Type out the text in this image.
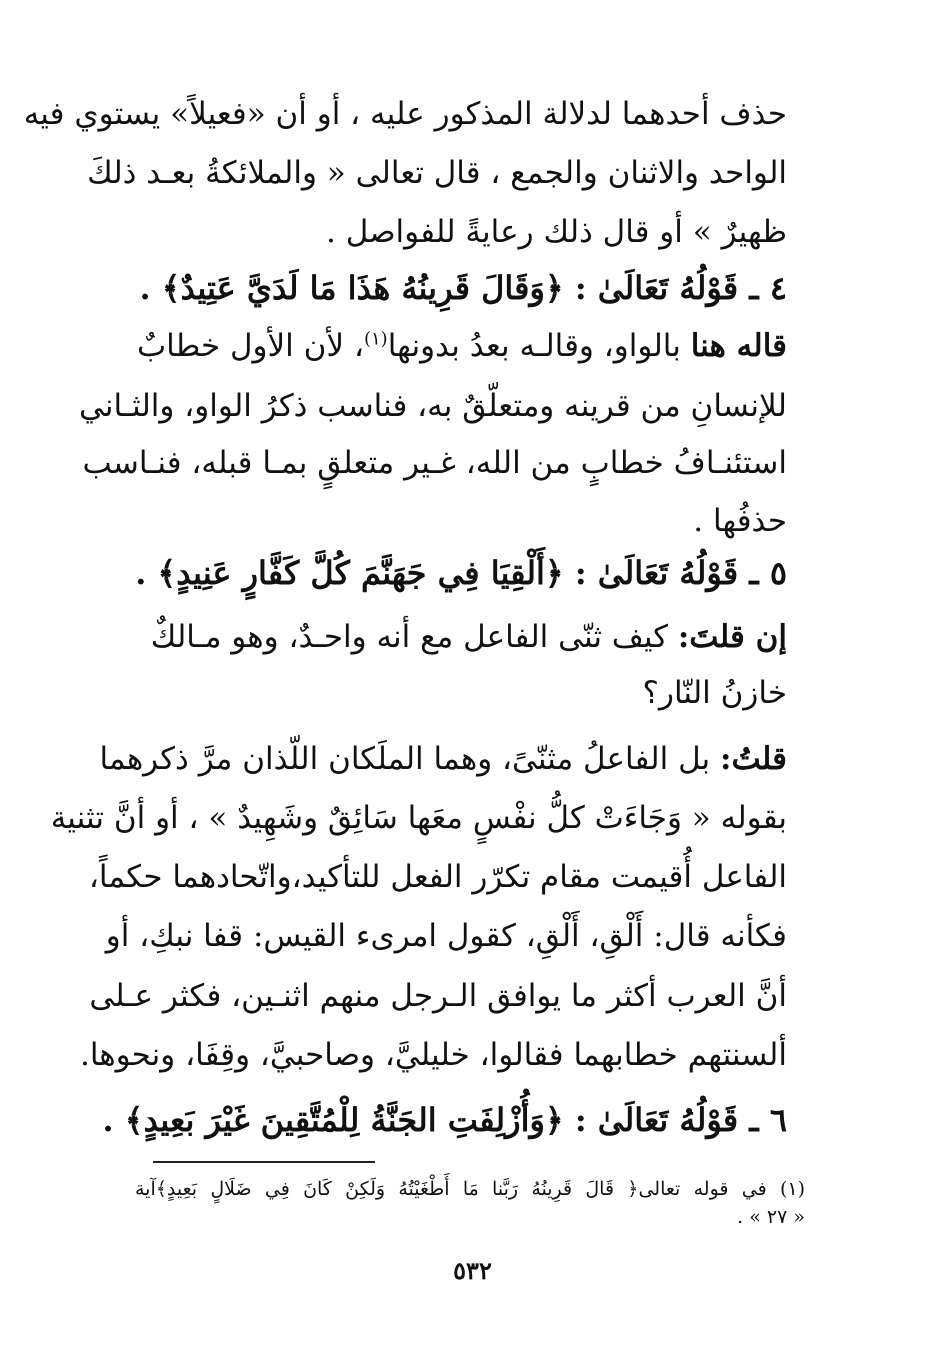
حذف أحدهما لدلالة المذكور عليه ، أو أن «فعيلاً» يستوي فيه
الواحد والاثنان والجمع ، قال تعالى « والملائكةُ بعـد ذلكَ
ظهيرٌ » أو قال ذلك رعايةً للفواصل .
٤ ـ قَوْلُهُ تَعَالَىٰ : ﴿وَقَالَ قَرِينُهُ هَذَا مَا لَدَيَّ عَتِيدٌ﴾ .
قاله هنا بالواو، وقالـه بعدُ بدونها$^{(١)}$، لأن الأول خطابٌ
للإنسانِ من قرينه ومتعلّقٌ به، فناسب ذكرُ الواو، والثـاني
استئنـافُ خطابٍ من الله، غـير متعلقٍ بمـا قبله، فنـاسب
حذفُها .
٥ ـ قَوْلُهُ تَعَالَىٰ : ﴿أَلْقِيَا فِي جَهَنَّمَ كُلَّ كَفَّارٍ عَنِيدٍ﴾ .
إن قلتَ: كيف ثنّى الفاعل مع أنه واحـدٌ، وهو مـالكٌ
خازنُ النّار؟
قلتُ: بل الفاعلُ مثنّىً، وهما الملَكان اللّذان مرَّ ذكرهما
بقوله « وَجَاءَتْ كلُّ نفْسٍ معَها سَائِقٌ وشَهِيدٌ » ، أو أنَّ تثنية
الفاعل أُقيمت مقام تكرّر الفعل للتأكيد،واتّحادهما حكماً،
فكأنه قال: أَلْقِ، أَلْقِ، كقول امرىء القيس: قفا نبكِ، أو
أنَّ العرب أكثر ما يوافق الـرجل منهم اثنـين، فكثر عـلى
ألسنتهم خطابهما فقالوا، خليليَّ، وصاحبيَّ، وقِفَا، ونحوها.
٦ ـ قَوْلُهُ تَعَالَىٰ : ﴿وَأُزْلِفَتِ الجَنَّةُ لِلْمُتَّقِينَ غَيْرَ بَعِيدٍ﴾ .
(١) في قوله تعالى﴿ قَالَ قَرِينُهُ رَبَّنا مَا أَطْغَيْتُهُ وَلَكِنْ كَانَ فِي ضَلَالٍ بَعِيدٍ﴾آية
« ٢٧ » .
٥٣٢
